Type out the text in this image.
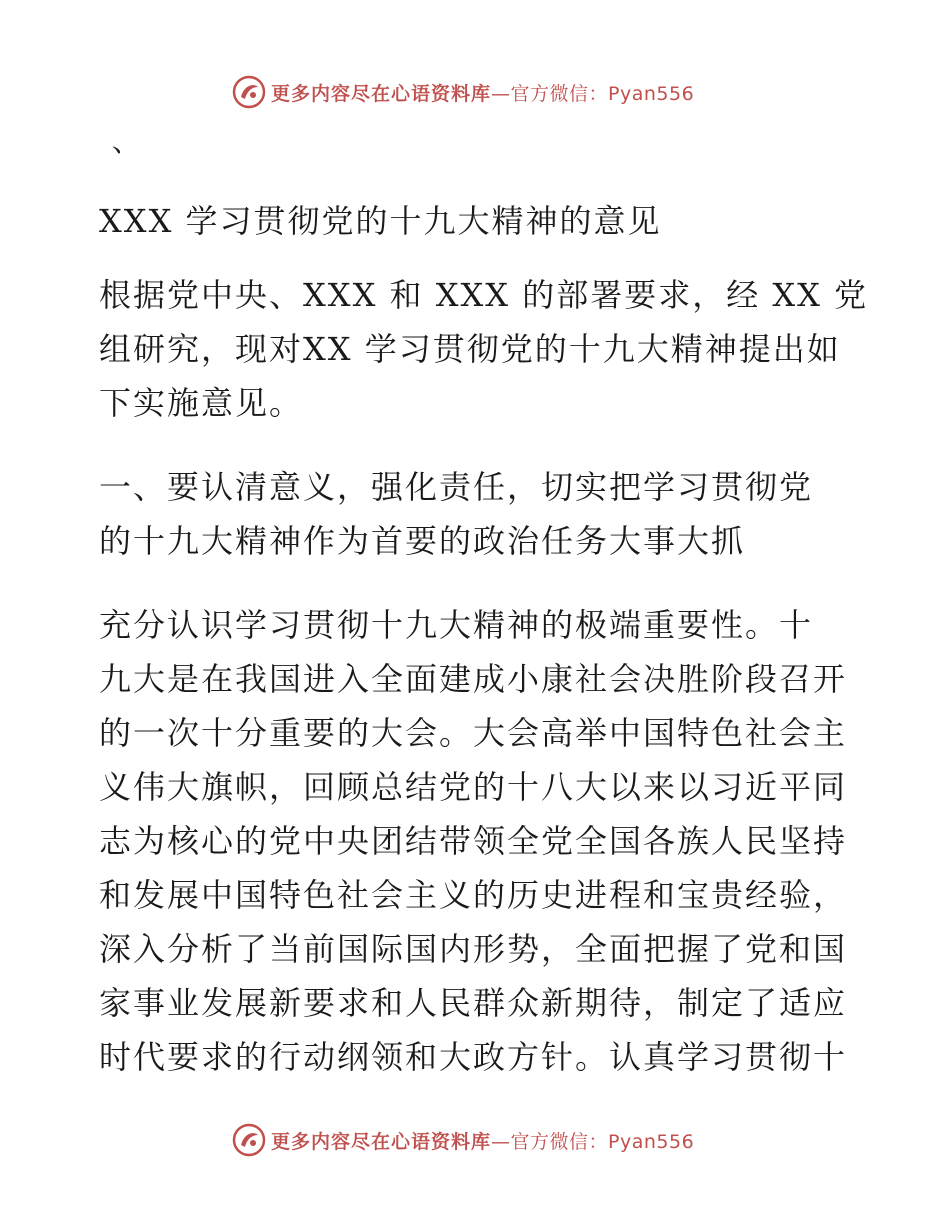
更多内容尽在心语资料库 —官方微信：Pyan556
、
XXX 学习贯彻党的十九大精神的意见
根据党中央、XXX 和 XXX 的部署要求，经 XX 党
组研究，现对XX 学习贯彻党的十九大精神提出如
下实施意见。
一、要认清意义，强化责任，切实把学习贯彻党
的十九大精神作为首要的政治任务大事大抓
充分认识学习贯彻十九大精神的极端重要性。十
九大是在我国进入全面建成小康社会决胜阶段召开
的一次十分重要的大会。大会高举中国特色社会主
义伟大旗帜，回顾总结党的十八大以来以习近平同
志为核心的党中央团结带领全党全国各族人民坚持
和发展中国特色社会主义的历史进程和宝贵经验，
深入分析了当前国际国内形势，全面把握了党和国
家事业发展新要求和人民群众新期待，制定了适应
时代要求的行动纲领和大政方针。认真学习贯彻十
更多内容尽在心语资料库 —官方微信：Pyan556
